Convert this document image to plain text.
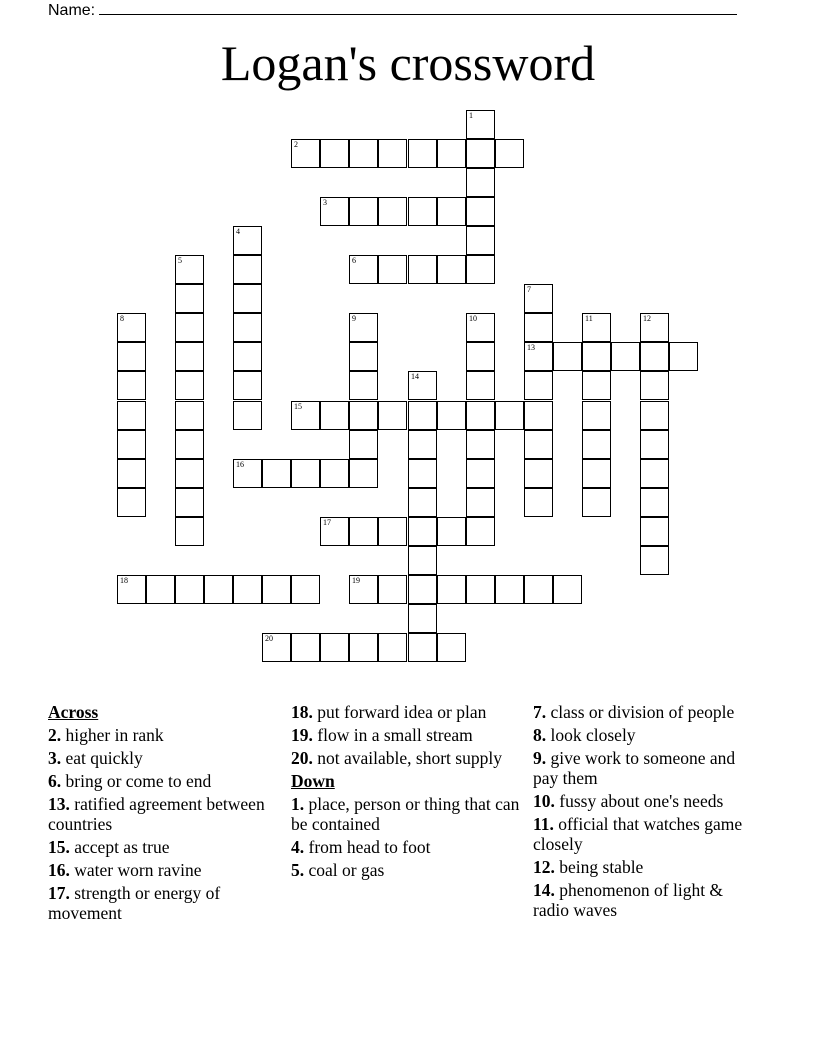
Name:
Logan's crossword
1
2
3
4
5	6
7
13
8	9	10	11	12
14
15
16
17
18	19
20
Across
2. higher in rank
3. eat quickly
6. bring or come to end
13. ratified agreement between countries
15. accept as true
16. water worn ravine
17. strength or energy of movement
18. put forward idea or plan
19. flow in a small stream
20. not available, short supply
Down
1. place, person or thing that can be contained
4. from head to foot
5. coal or gas
7. class or division of people
8. look closely
9. give work to someone and pay them
10. fussy about one's needs
11. official that watches game closely
12. being stable
14. phenomenon of light & radio waves
